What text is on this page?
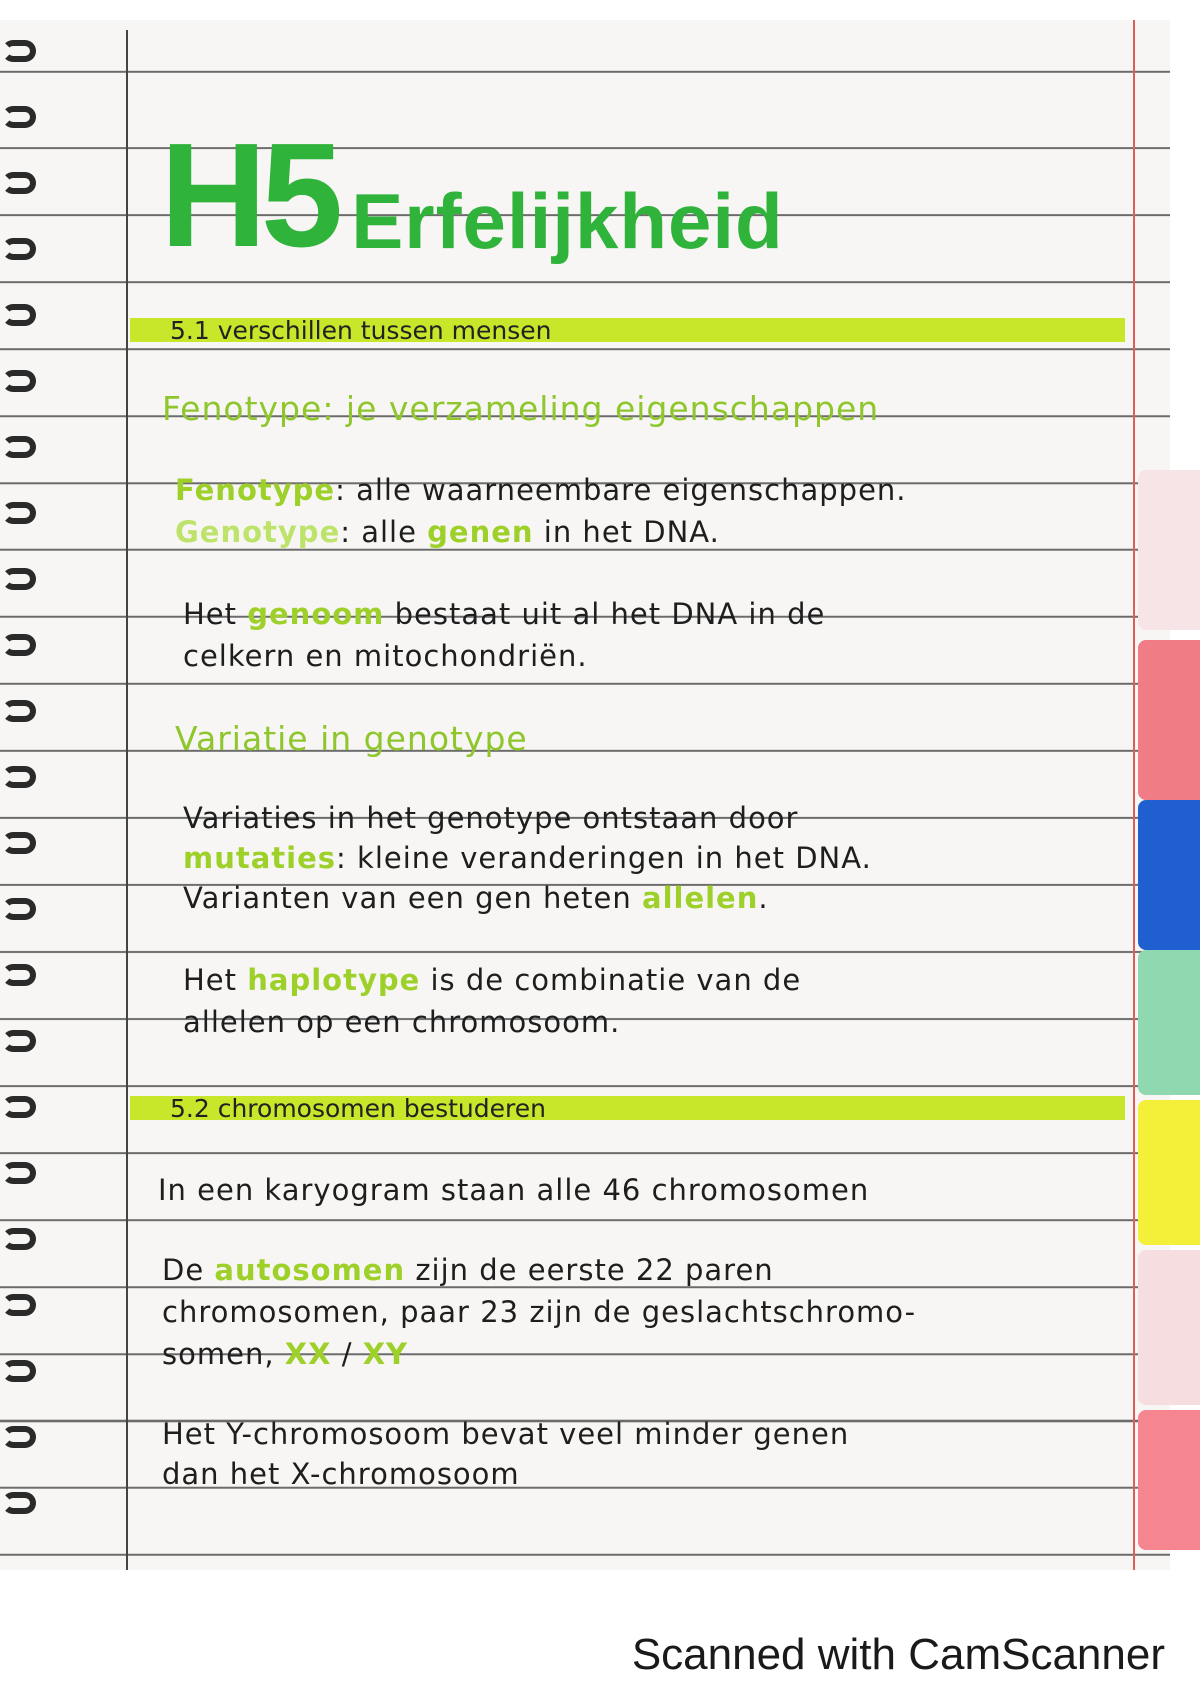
H5 Erfelijkheid
5.1 verschillen tussen mensen
Fenotype: je verzameling eigenschappen
Fenotype: alle waarneembare eigenschappen.
Genotype: alle genen in het DNA.
Het genoom bestaat uit al het DNA in de
celkern en mitochondriën.
Variatie in genotype
Variaties in het genotype ontstaan door
mutaties: kleine veranderingen in het DNA.
Varianten van een gen heten allelen.
Het haplotype is de combinatie van de
allelen op een chromosoom.
5.2 chromosomen bestuderen
In een karyogram staan alle 46 chromosomen
De autosomen zijn de eerste 22 paren
chromosomen, paar 23 zijn de geslachtschromo-
somen, XX / XY
Het Y-chromosoom bevat veel minder genen
dan het X-chromosoom
Scanned with CamScanner
